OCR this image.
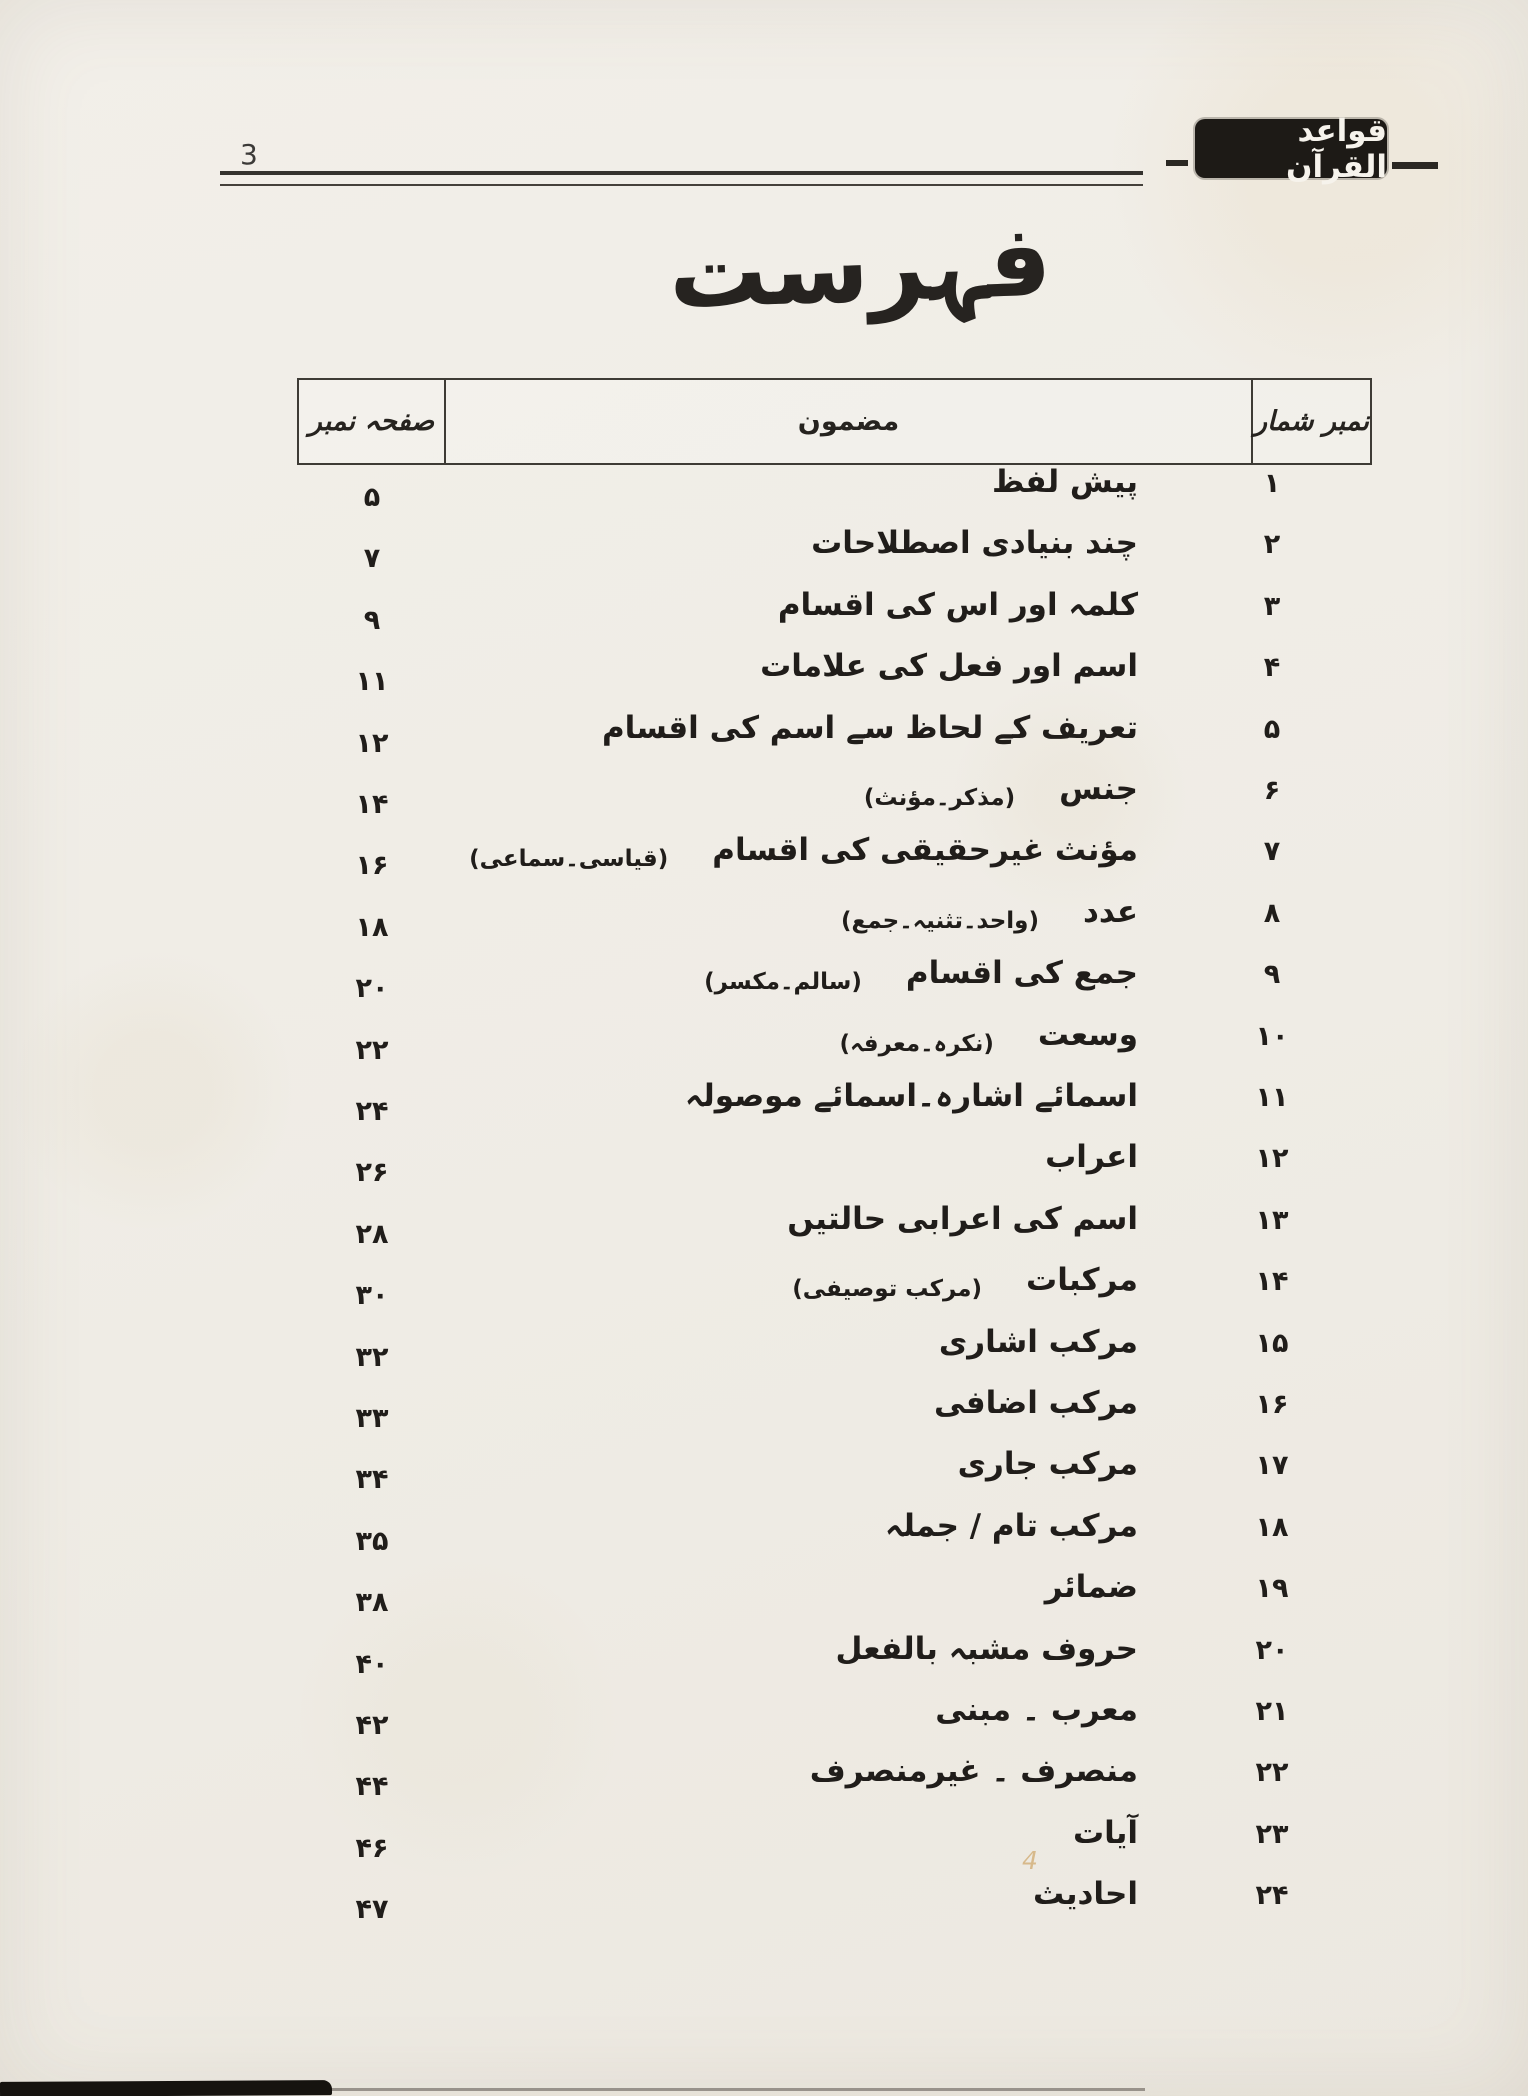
3
قواعد القرآن
فہرست
صفحہ نمبر	مضمون	نمبر شمار
۱
پیش لفظ
۵
۲
چند بنیادی اصطلاحات
۷
۳
کلمہ اور اس کی اقسام
۹
۴
اسم اور فعل کی علامات
۱۱
۵
تعریف کے لحاظ سے اسم کی اقسام
۱۲
۶
جنس
(مذکر۔مؤنث)
۱۴
۷
مؤنث غیرحقیقی کی اقسام
(قیاسی۔سماعی)
۱۶
۸
عدد
(واحد۔تثنیہ۔جمع)
۱۸
۹
جمع کی اقسام
(سالم۔مکسر)
۲۰
۱۰
وسعت
(نکرہ۔معرفہ)
۲۲
۱۱
اسمائے اشارہ۔اسمائے موصولہ
۲۴
۱۲
اعراب
۲۶
۱۳
اسم کی اعرابی حالتیں
۲۸
۱۴
مرکبات
(مرکب توصیفی)
۳۰
۱۵
مرکب اشاری
۳۲
۱۶
مرکب اضافی
۳۳
۱۷
مرکب جاری
۳۴
۱۸
مرکب تام / جملہ
۳۵
۱۹
ضمائر
۳۸
۲۰
حروف مشبہ بالفعل
۴۰
۲۱
معرب ۔ مبنی
۴۲
۲۲
منصرف ۔ غیرمنصرف
۴۴
۲۳
آیات
۴۶
۲۴
احادیث
۴۷
4
